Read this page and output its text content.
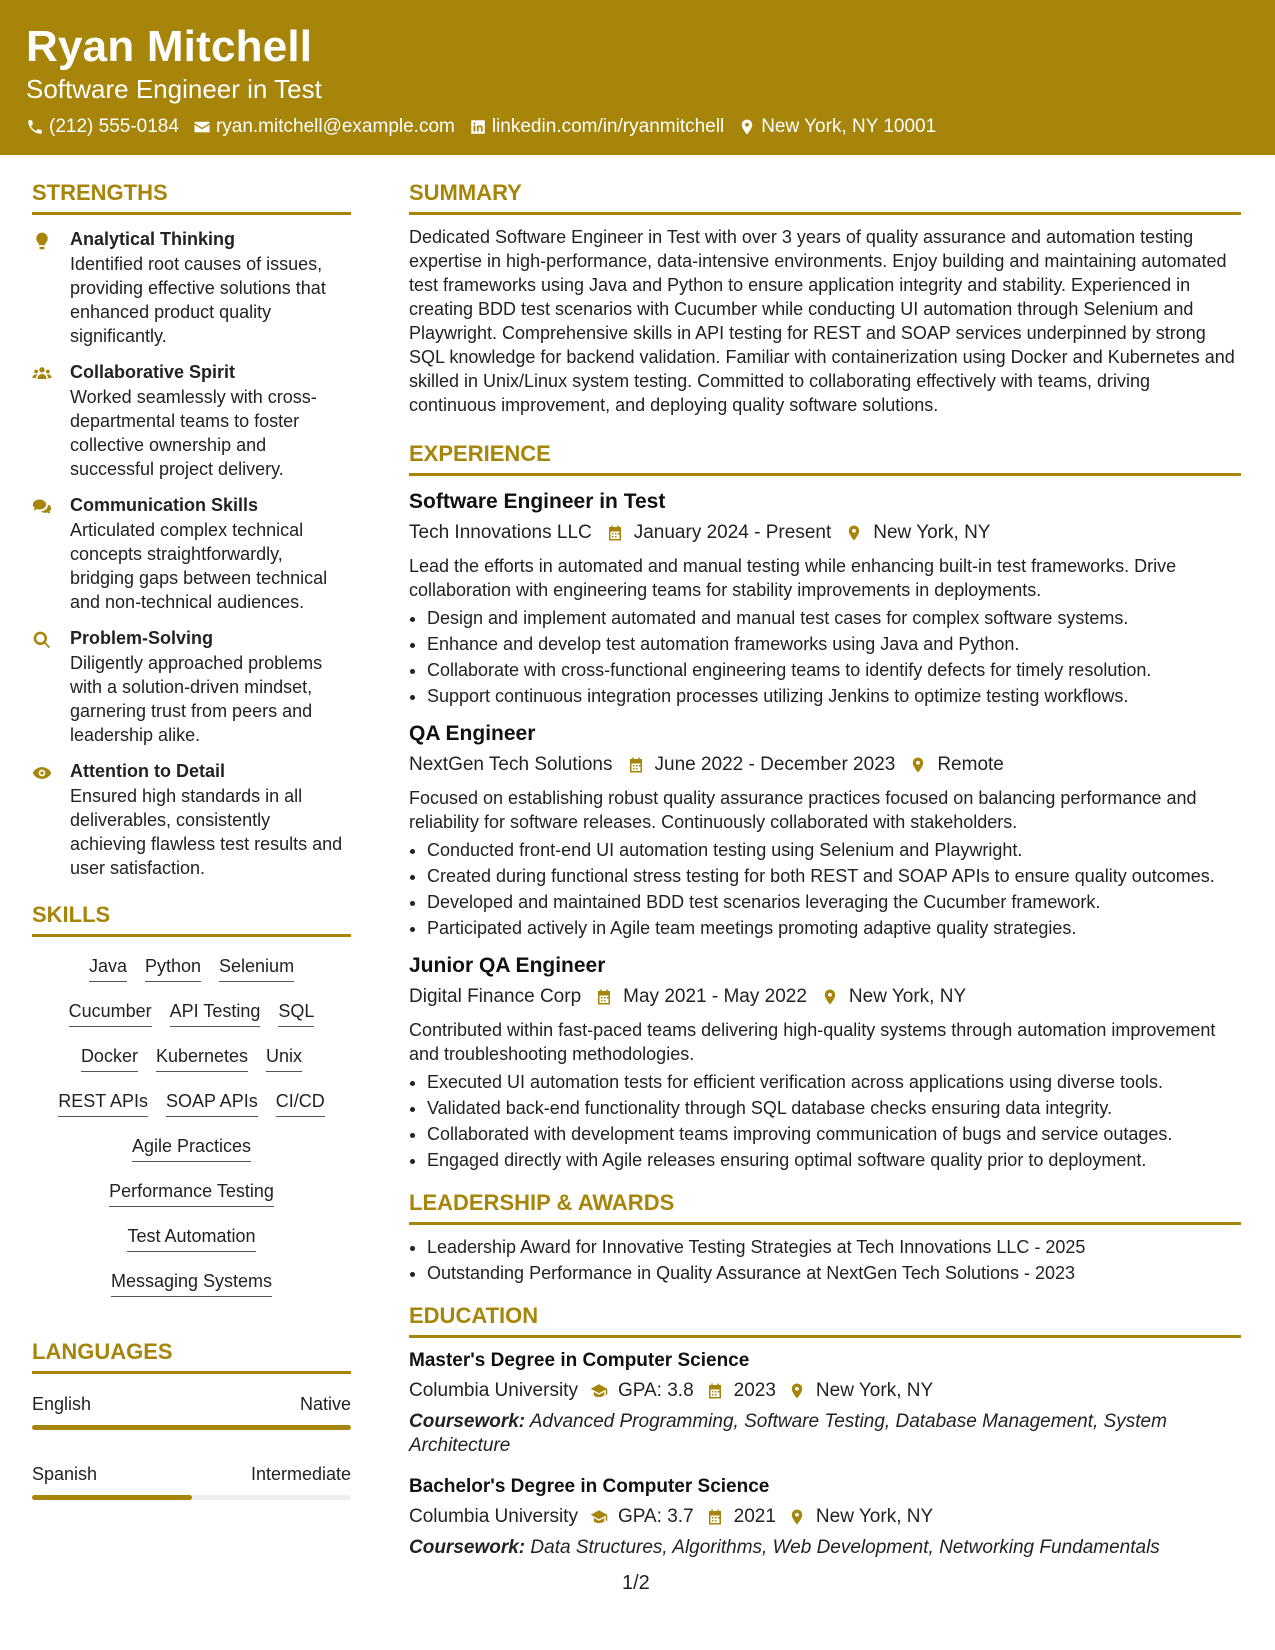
Ryan Mitchell
Software Engineer in Test
(212) 555-0184 ryan.mitchell@example.com linkedin.com/in/ryanmitchell New York, NY 10001
STRENGTHS
Analytical Thinking
Identified root causes of issues, providing effective solutions that enhanced product quality significantly.
Collaborative Spirit
Worked seamlessly with cross-departmental teams to foster collective ownership and successful project delivery.
Communication Skills
Articulated complex technical concepts straightforwardly, bridging gaps between technical and non-technical audiences.
Problem-Solving
Diligently approached problems with a solution-driven mindset, garnering trust from peers and leadership alike.
Attention to Detail
Ensured high standards in all deliverables, consistently achieving flawless test results and user satisfaction.
SKILLS
Java Python Selenium
Cucumber API Testing SQL
Docker Kubernetes Unix
REST APIs SOAP APIs CI/CD
Agile Practices
Performance Testing
Test Automation
Messaging Systems
LANGUAGES
English	Native
Spanish	Intermediate
SUMMARY

Dedicated Software Engineer in Test with over 3 years of quality assurance and automation testing expertise in high-performance, data-intensive environments. Enjoy building and maintaining automated test frameworks using Java and Python to ensure application integrity and stability. Experienced in creating BDD test scenarios with Cucumber while conducting UI automation through Selenium and Playwright. Comprehensive skills in API testing for REST and SOAP services underpinned by strong SQL knowledge for backend validation. Familiar with containerization using Docker and Kubernetes and skilled in Unix/Linux system testing. Committed to collaborating effectively with teams, driving continuous improvement, and deploying quality software solutions.

EXPERIENCE
Software Engineer in Test
Tech Innovations LLC January 2024 - Present New York, NY

Lead the efforts in automated and manual testing while enhancing built-in test frameworks. Drive collaboration with engineering teams for stability improvements in deployments.

• Design and implement automated and manual test cases for complex software systems.
• Enhance and develop test automation frameworks using Java and Python.
• Collaborate with cross-functional engineering teams to identify defects for timely resolution.
• Support continuous integration processes utilizing Jenkins to optimize testing workflows.
QA Engineer
NextGen Tech Solutions June 2022 - December 2023 Remote

Focused on establishing robust quality assurance practices focused on balancing performance and reliability for software releases. Continuously collaborated with stakeholders.

• Conducted front-end UI automation testing using Selenium and Playwright.
• Created during functional stress testing for both REST and SOAP APIs to ensure quality outcomes.
• Developed and maintained BDD test scenarios leveraging the Cucumber framework.
• Participated actively in Agile team meetings promoting adaptive quality strategies.
Junior QA Engineer
Digital Finance Corp May 2021 - May 2022 New York, NY

Contributed within fast-paced teams delivering high-quality systems through automation improvement and troubleshooting methodologies.

• Executed UI automation tests for efficient verification across applications using diverse tools.
• Validated back-end functionality through SQL database checks ensuring data integrity.
• Collaborated with development teams improving communication of bugs and service outages.
• Engaged directly with Agile releases ensuring optimal software quality prior to deployment.
LEADERSHIP & AWARDS
• Leadership Award for Innovative Testing Strategies at Tech Innovations LLC - 2025
• Outstanding Performance in Quality Assurance at NextGen Tech Solutions - 2023
EDUCATION
Master's Degree in Computer Science
Columbia University GPA: 3.8 2023 New York, NY
Coursework: Advanced Programming, Software Testing, Database Management, System Architecture
Bachelor's Degree in Computer Science
Columbia University GPA: 3.7 2021 New York, NY
Coursework: Data Structures, Algorithms, Web Development, Networking Fundamentals
1/2
